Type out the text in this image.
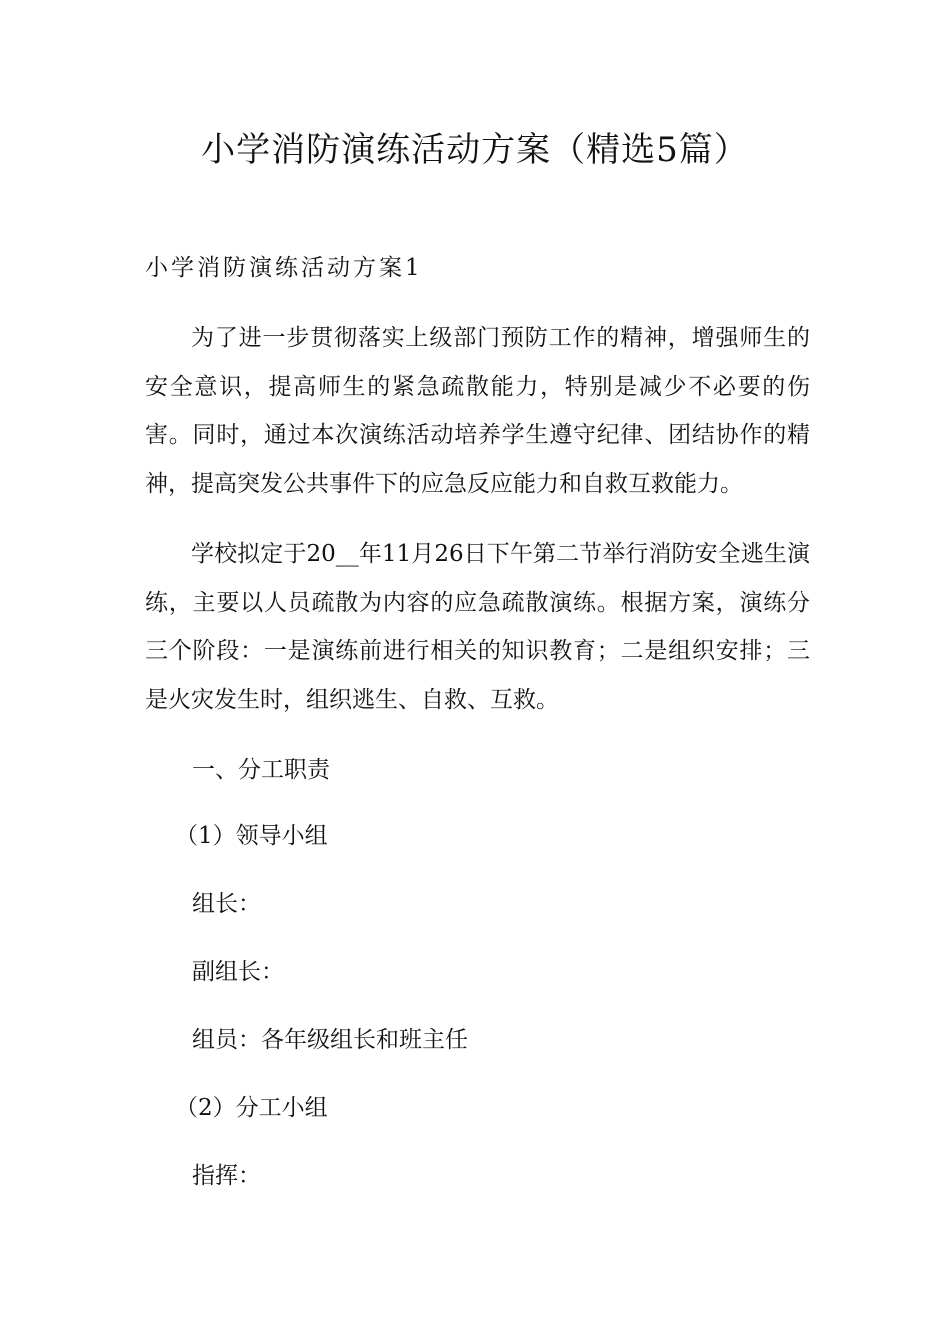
小学消防演练活动方案（精选5篇）
小学消防演练活动方案1

为了进一步贯彻落实上级部门预防工作的精神，增强师生的安全意识，提高师生的紧急疏散能力，特别是减少不必要的伤害。同时，通过本次演练活动培养学生遵守纪律、团结协作的精神，提高突发公共事件下的应急反应能力和自救互救能力。

学校拟定于20__年11月26日下午第二节举行消防安全逃生演练，主要以人员疏散为内容的应急疏散演练。根据方案，演练分三个阶段：一是演练前进行相关的知识教育；二是组织安排；三是火灾发生时，组织逃生、自救、互救。

一、分工职责
（1）领导小组
组长：
副组长：
组员：各年级组长和班主任
（2）分工小组
指挥：
